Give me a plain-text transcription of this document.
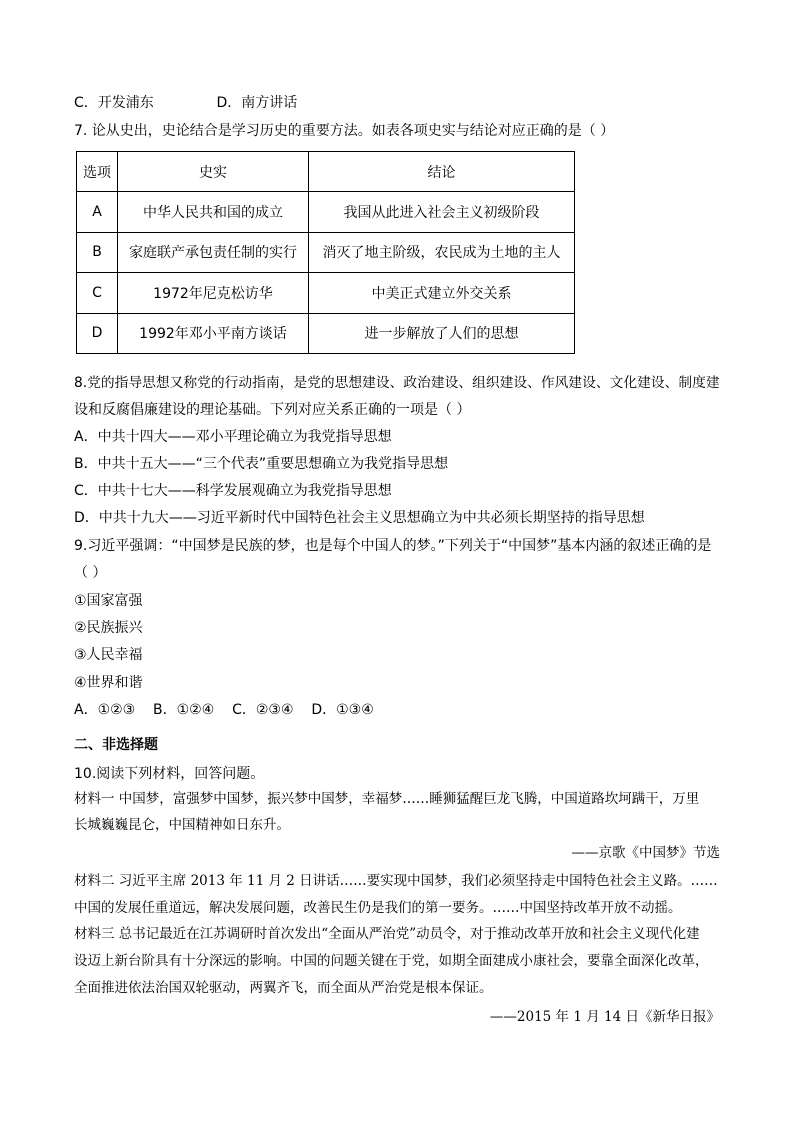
C．开发浦东	D．南方讲话
7. 论从史出，史论结合是学习历史的重要方法。如表各项史实与结论对应正确的是（ ）
选项	史实	结论
A	中华人民共和国的成立	我国从此进入社会主义初级阶段
B	家庭联产承包责任制的实行	消灭了地主阶级，农民成为土地的主人
C	1972年尼克松访华	中美正式建立外交关系
D	1992年邓小平南方谈话	进一步解放了人们的思想
8.党的指导思想又称党的行动指南，是党的思想建设、政治建设、组织建设、作风建设、文化建设、制度建
设和反腐倡廉建设的理论基础。下列对应关系正确的一项是（ ）
A．中共十四大——邓小平理论确立为我党指导思想
B．中共十五大——“三个代表”重要思想确立为我党指导思想
C．中共十七大——科学发展观确立为我党指导思想
D．中共十九大——习近平新时代中国特色社会主义思想确立为中共必须长期坚持的指导思想
9.习近平强调：“中国梦是民族的梦，也是每个中国人的梦。”下列关于“中国梦”基本内涵的叙述正确的是
（ ）
①国家富强
②民族振兴
③人民幸福
④世界和谐
A．①②③    B．①②④    C．②③④    D．①③④
二、非选择题
10.阅读下列材料，回答问题。
材料一 中国梦，富强梦中国梦，振兴梦中国梦，幸福梦……睡狮猛醒巨龙飞腾，中国道路坎坷蹒干，万里
长城巍巍昆仑，中国精神如日东升。
——京歌《中国梦》节选
材料二 习近平主席 2013 年 11 月 2 日讲话……要实现中国梦，我们必须坚持走中国特色社会主义路。……
中国的发展任重道远，解决发展问题，改善民生仍是我们的第一要务。……中国坚持改革开放不动摇。
材料三 总书记最近在江苏调研时首次发出“全面从严治党”动员令，对于推动改革开放和社会主义现代化建
设迈上新台阶具有十分深远的影响。中国的问题关键在于党，如期全面建成小康社会，要靠全面深化改革，
全面推进依法治国双轮驱动，两翼齐飞，而全面从严治党是根本保证。
——2015 年 1 月 14 日《新华日报》
